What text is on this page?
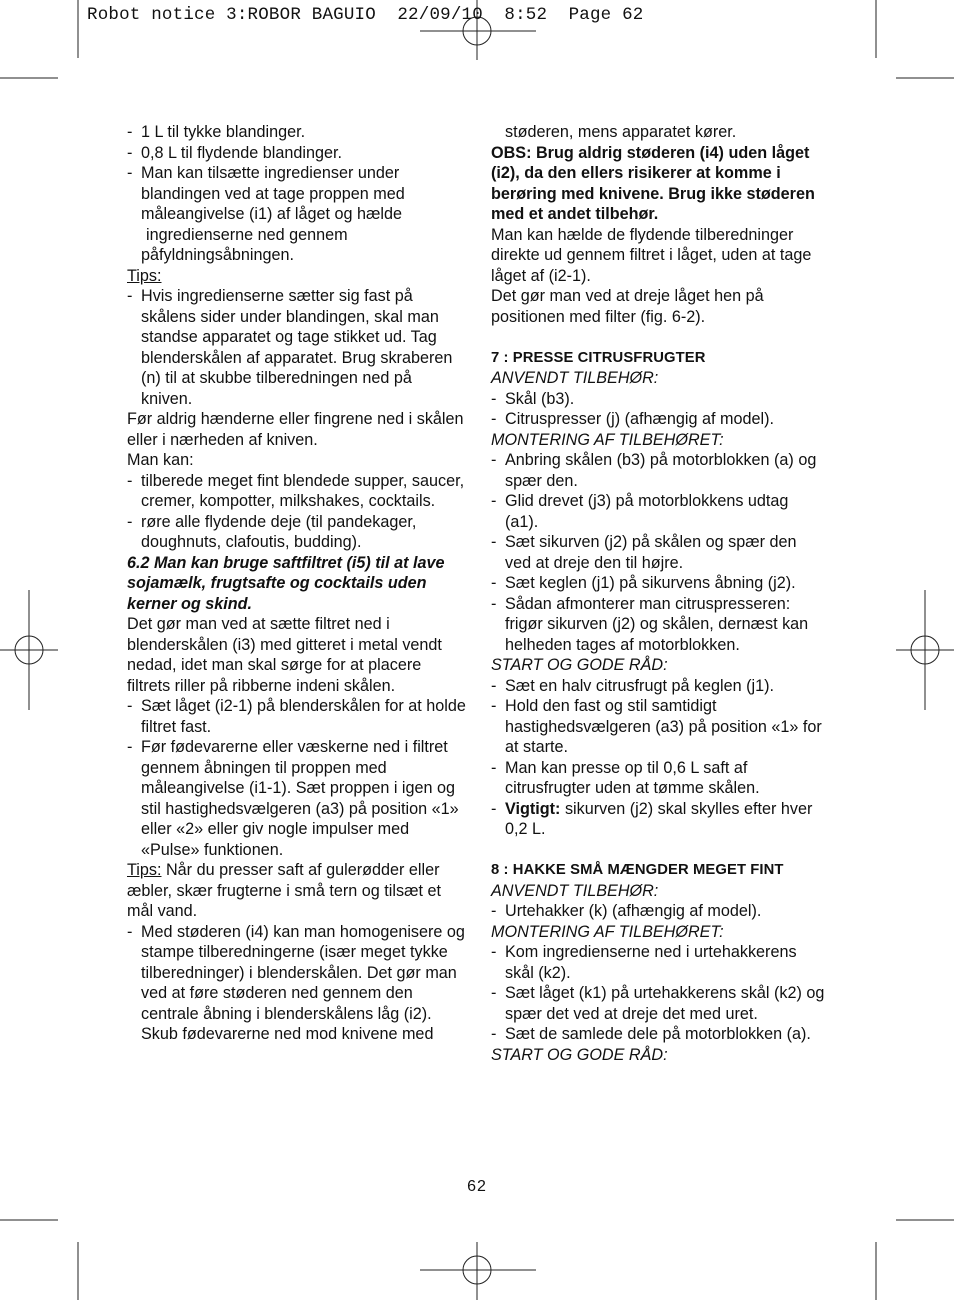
Robot notice 3:ROBOR BAGUIO  22/09/10  8:52  Page 62

- 1 L til tykke blandinger.

- 0,8 L til flydende blandinger.

- Man kan tilsætte ingredienser under blandingen ved at tage proppen med måleangivelse (i1) af låget og hælde
ingredienserne ned gennem påfyldningsåbningen.

Tips:

- Hvis ingredienserne sætter sig fast på skålens sider under blandingen, skal man standse apparatet og tage stikket ud. Tag blenderskålen af apparatet. Brug skraberen (n) til at skubbe tilberedningen ned på kniven.

Før aldrig hænderne eller fingrene ned i skålen eller i nærheden af kniven.

Man kan:

- tilberede meget fint blendede supper, saucer, cremer, kompotter, milkshakes, cocktails.

- røre alle flydende deje (til pandekager, doughnuts, clafoutis, budding).

6.2 Man kan bruge saftfiltret (i5) til at lave sojamælk, frugtsafte og cocktails uden kerner og skind.

Det gør man ved at sætte filtret ned i blenderskålen (i3) med gitteret i metal vendt nedad, idet man skal sørge for at placere filtrets riller på ribberne indeni skålen.

- Sæt låget (i2-1) på blenderskålen for at holde filtret fast.

- Før fødevarerne eller væskerne ned i filtret gennem åbningen til proppen med måleangivelse (i1-1). Sæt proppen i igen og stil hastighedsvælgeren (a3) på position «1» eller «2» eller giv nogle impulser med «Pulse» funktionen.

Tips: Når du presser saft af gulerødder eller æbler, skær frugterne i små tern og tilsæt et mål vand.

- Med støderen (i4) kan man homogenisere og stampe tilberedningerne (især meget tykke tilberedninger) i blenderskålen. Det gør man ved at føre støderen ned gennem den centrale åbning i blenderskålens låg (i2). Skub fødevarerne ned mod knivene med

støderen, mens apparatet kører.

OBS: Brug aldrig støderen (i4) uden låget (i2), da den ellers risikerer at komme i berøring med knivene. Brug ikke støderen med et andet tilbehør.

Man kan hælde de flydende tilberedninger direkte ud gennem filtret i låget, uden at tage låget af (i2-1).

Det gør man ved at dreje låget hen på positionen med filter (fig. 6-2).

7 : PRESSE CITRUSFRUGTER

ANVENDT TILBEHØR:

- Skål (b3).

- Citruspresser (j) (afhængig af model).

MONTERING AF TILBEHØRET:

- Anbring skålen (b3) på motorblokken (a) og spær den.

- Glid drevet (j3) på motorblokkens udtag (a1).

- Sæt sikurven (j2) på skålen og spær den ved at dreje den til højre.

- Sæt keglen (j1) på sikurvens åbning (j2).

- Sådan afmonterer man citruspresseren: frigør sikurven (j2) og skålen, dernæst kan helheden tages af motorblokken.

START OG GODE RÅD:

- Sæt en halv citrusfrugt på keglen (j1).

- Hold den fast og stil samtidigt hastighedsvælgeren (a3) på position «1» for at starte.

- Man kan presse op til 0,6 L saft af citrusfrugter uden at tømme skålen.

- Vigtigt: sikurven (j2) skal skylles efter hver 0,2 L.

8 : HAKKE SMÅ MÆNGDER MEGET FINT

ANVENDT TILBEHØR:

- Urtehakker (k) (afhængig af model).

MONTERING AF TILBEHØRET:

- Kom ingredienserne ned i urtehakkerens skål (k2).

- Sæt låget (k1) på urtehakkerens skål (k2) og spær det ved at dreje det med uret.

- Sæt de samlede dele på motorblokken (a).

START OG GODE RÅD:

62
